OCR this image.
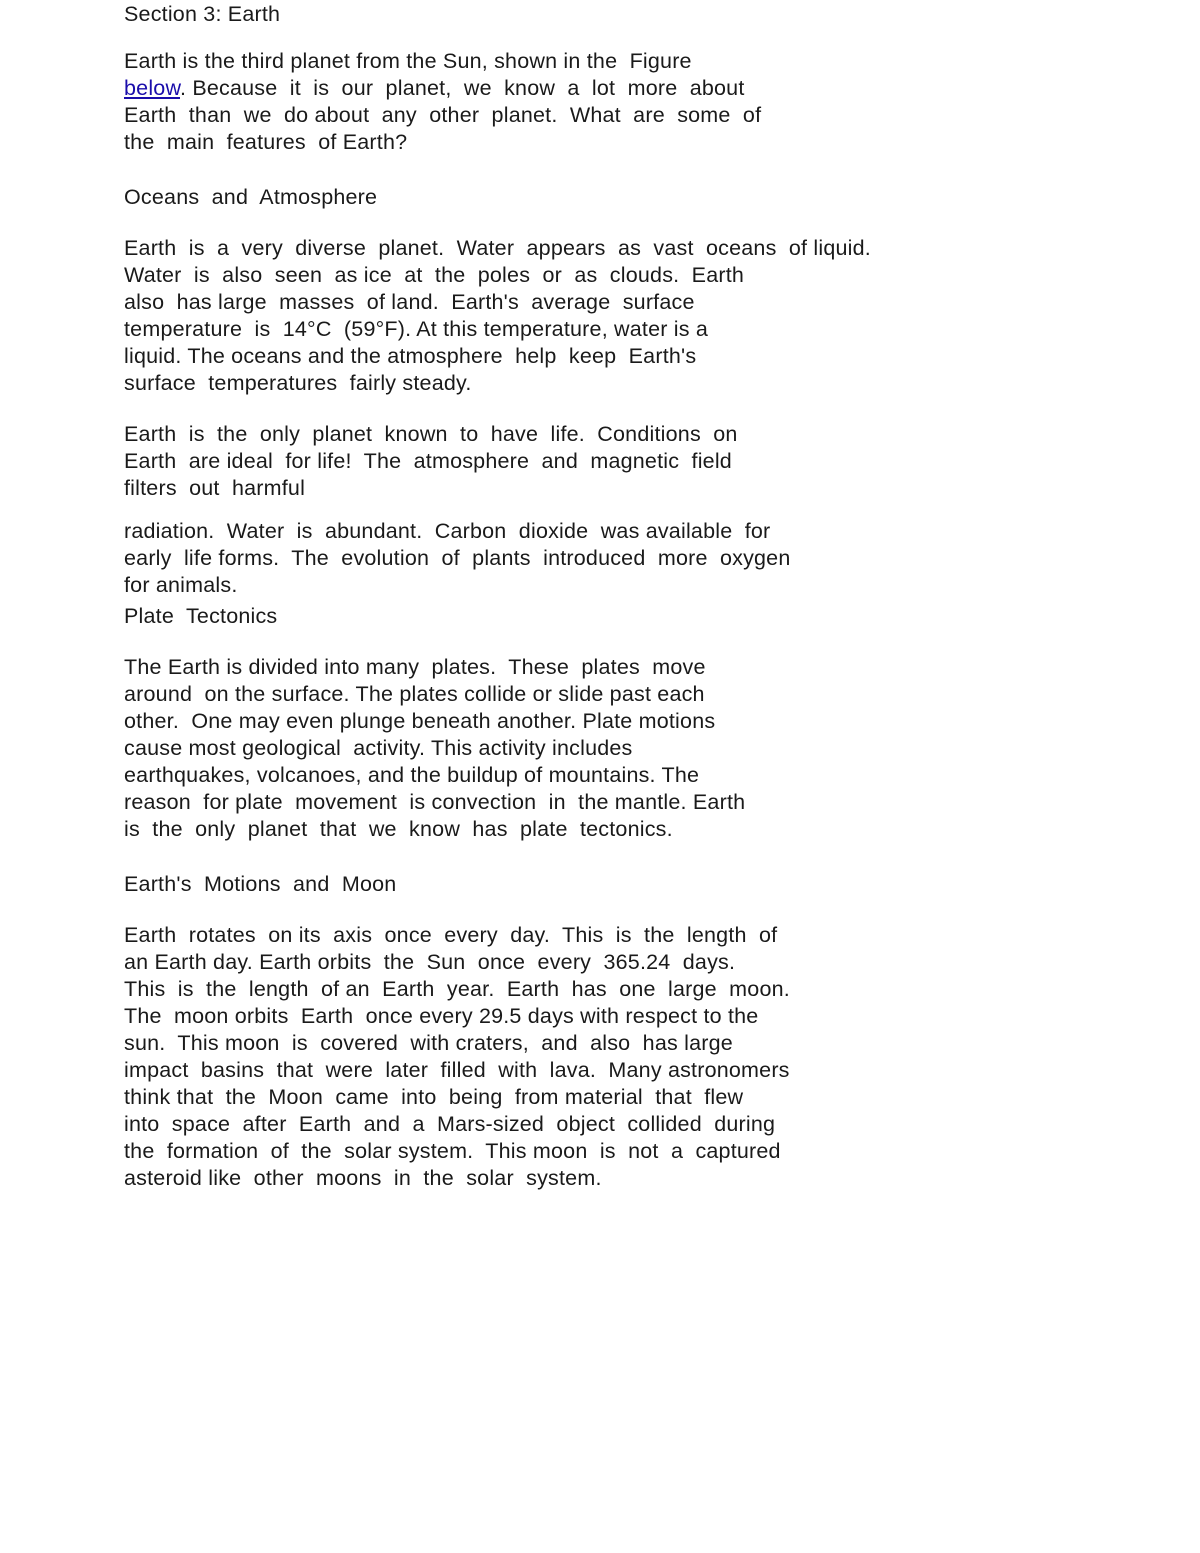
Section 3: Earth
Earth is the third planet from the Sun, shown in the  Figure
below. Because  it  is  our  planet,  we  know  a  lot  more  about
Earth  than  we  do about  any  other  planet.  What  are  some  of
the  main  features  of Earth?
Oceans  and  Atmosphere
Earth  is  a  very  diverse  planet.  Water  appears  as  vast  oceans  of liquid.
Water  is  also  seen  as ice  at  the  poles  or  as  clouds.  Earth
also  has large  masses  of land.  Earth's  average  surface
temperature  is  14°C  (59°F). At this temperature, water is a
liquid. The oceans and the atmosphere  help  keep  Earth's
surface  temperatures  fairly steady.
Earth  is  the  only  planet  known  to  have  life.  Conditions  on
Earth  are ideal  for life!  The  atmosphere  and  magnetic  field
filters  out  harmful
radiation.  Water  is  abundant.  Carbon  dioxide  was available  for
early  life forms.  The  evolution  of  plants  introduced  more  oxygen
for animals.
Plate  Tectonics
The Earth is divided into many  plates.  These  plates  move
around  on the surface. The plates collide or slide past each
other.  One may even plunge beneath another. Plate motions
cause most geological  activity. This activity includes
earthquakes, volcanoes, and the buildup of mountains. The
reason  for plate  movement  is convection  in  the mantle. Earth
is  the  only  planet  that  we  know  has  plate  tectonics.
Earth's  Motions  and  Moon
Earth  rotates  on its  axis  once  every  day.  This  is  the  length  of
an Earth day. Earth orbits  the  Sun  once  every  365.24  days.
This  is  the  length  of an  Earth  year.  Earth  has  one  large  moon.
The  moon orbits  Earth  once every 29.5 days with respect to the
sun.  This moon  is  covered  with craters,  and  also  has large
impact  basins  that  were  later  filled  with  lava.  Many astronomers
think that  the  Moon  came  into  being  from material  that  flew
into  space  after  Earth  and  a  Mars-sized  object  collided  during
the  formation  of  the  solar system.  This moon  is  not  a  captured
asteroid like  other  moons  in  the  solar  system.
